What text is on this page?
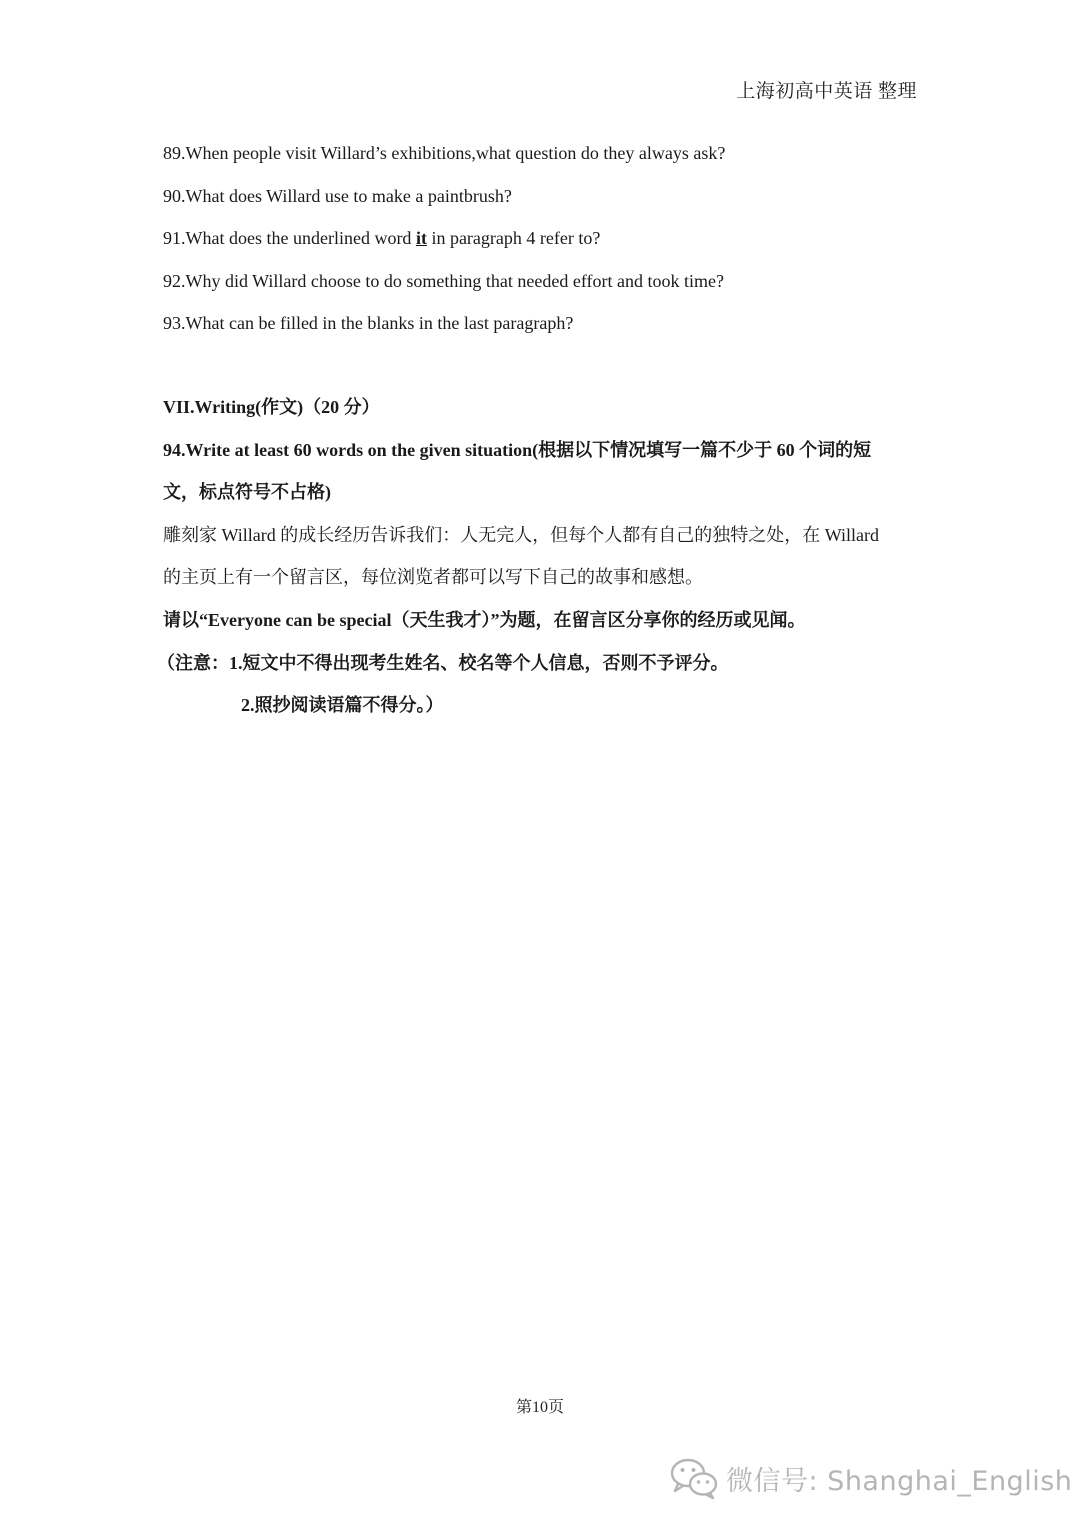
上海初高中英语 整理
89.When people visit Willard’s exhibitions,what question do they always ask?
90.What does Willard use to make a paintbrush?
91.What does the underlined word it in paragraph 4 refer to?
92.Why did Willard choose to do something that needed effort and took time?
93.What can be filled in the blanks in the last paragraph?
VII.Writing(作文)（20 分）
94.Write at least 60 words on the given situation(根据以下情况填写一篇不少于 60 个词的短
文，标点符号不占格)
雕刻家 Willard 的成长经历告诉我们：人无完人，但每个人都有自己的独特之处，在 Willard
的主页上有一个留言区，每位浏览者都可以写下自己的故事和感想。
请以“Everyone can be special（天生我才）”为题，在留言区分享你的经历或见闻。
（注意：1.短文中不得出现考生姓名、校名等个人信息，否则不予评分。
2.照抄阅读语篇不得分。）
第10页
微信号: Shanghai_English
